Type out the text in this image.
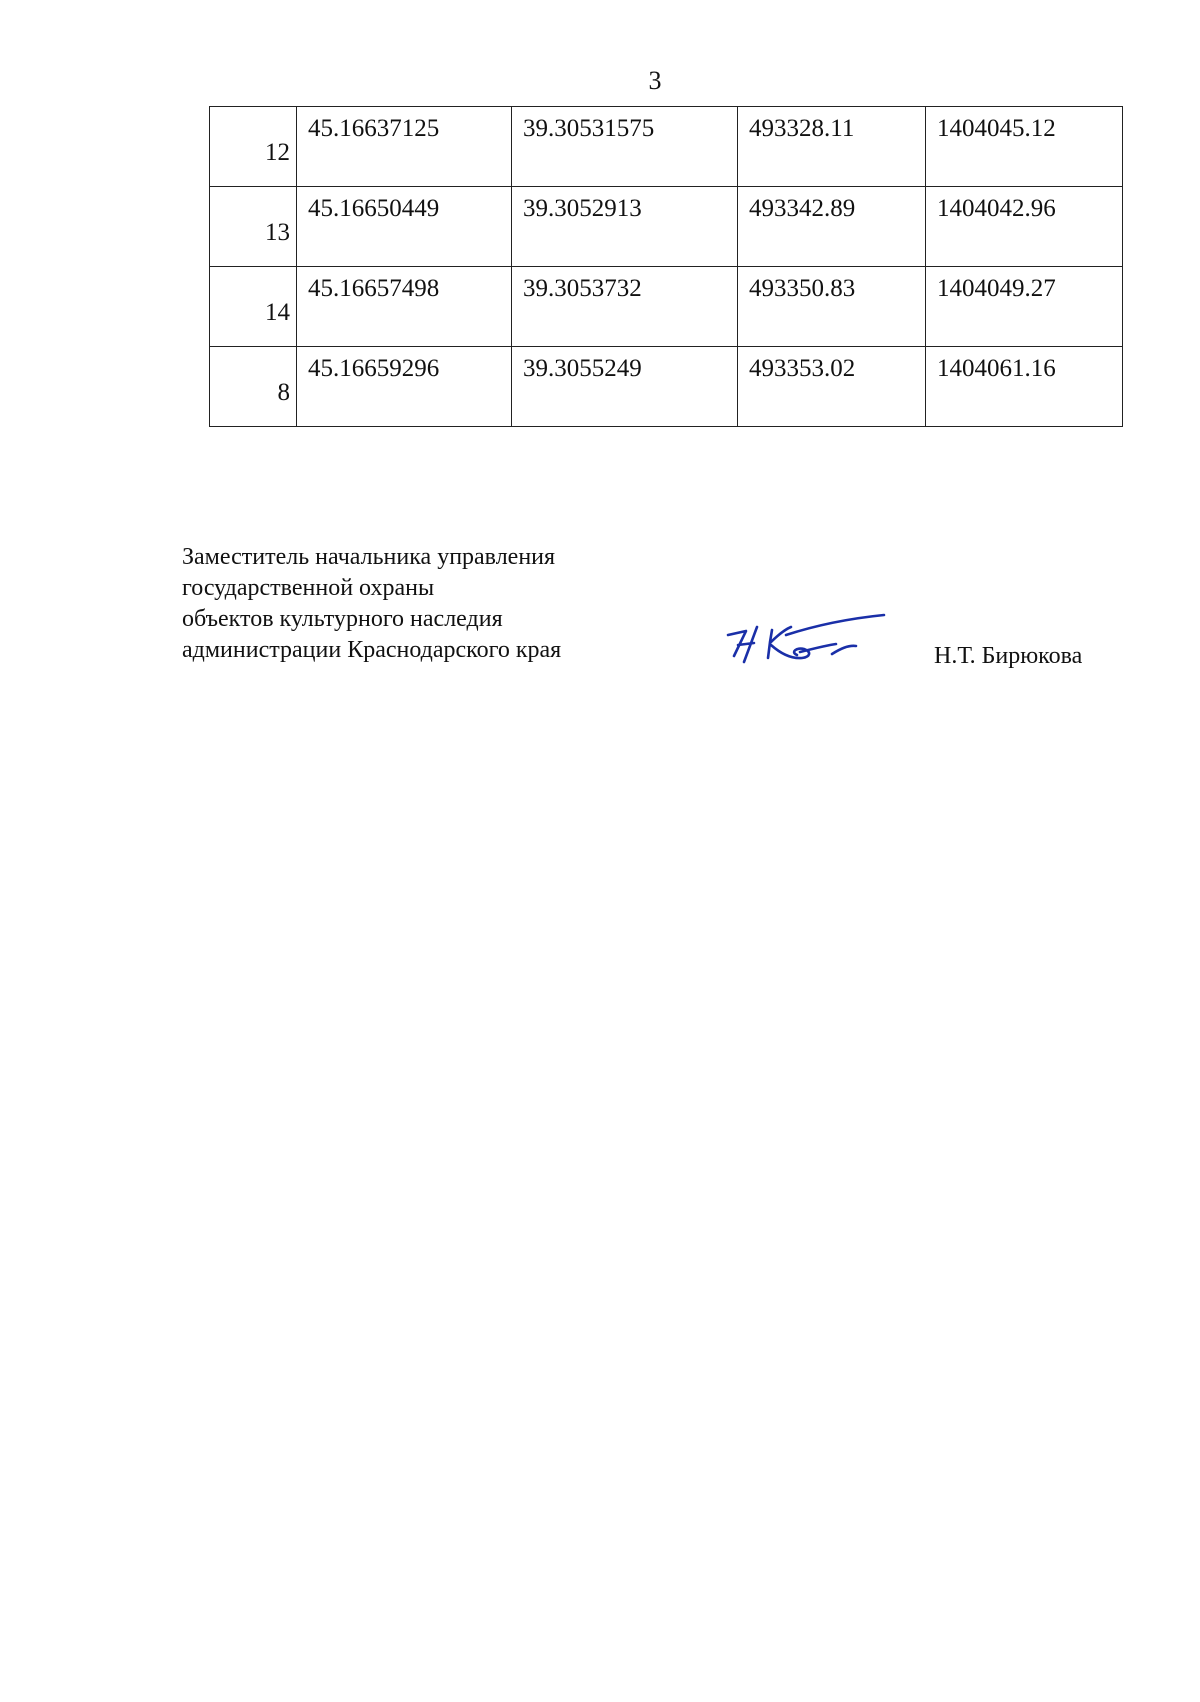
3
12	45.16637125	39.30531575	493328.11	1404045.12
13	45.16650449	39.3052913	493342.89	1404042.96
14	45.16657498	39.3053732	493350.83	1404049.27
8	45.16659296	39.3055249	493353.02	1404061.16
Заместитель начальника управления
государственной охраны
объектов культурного наследия
администрации Краснодарского края	Н.Т. Бирюкова
